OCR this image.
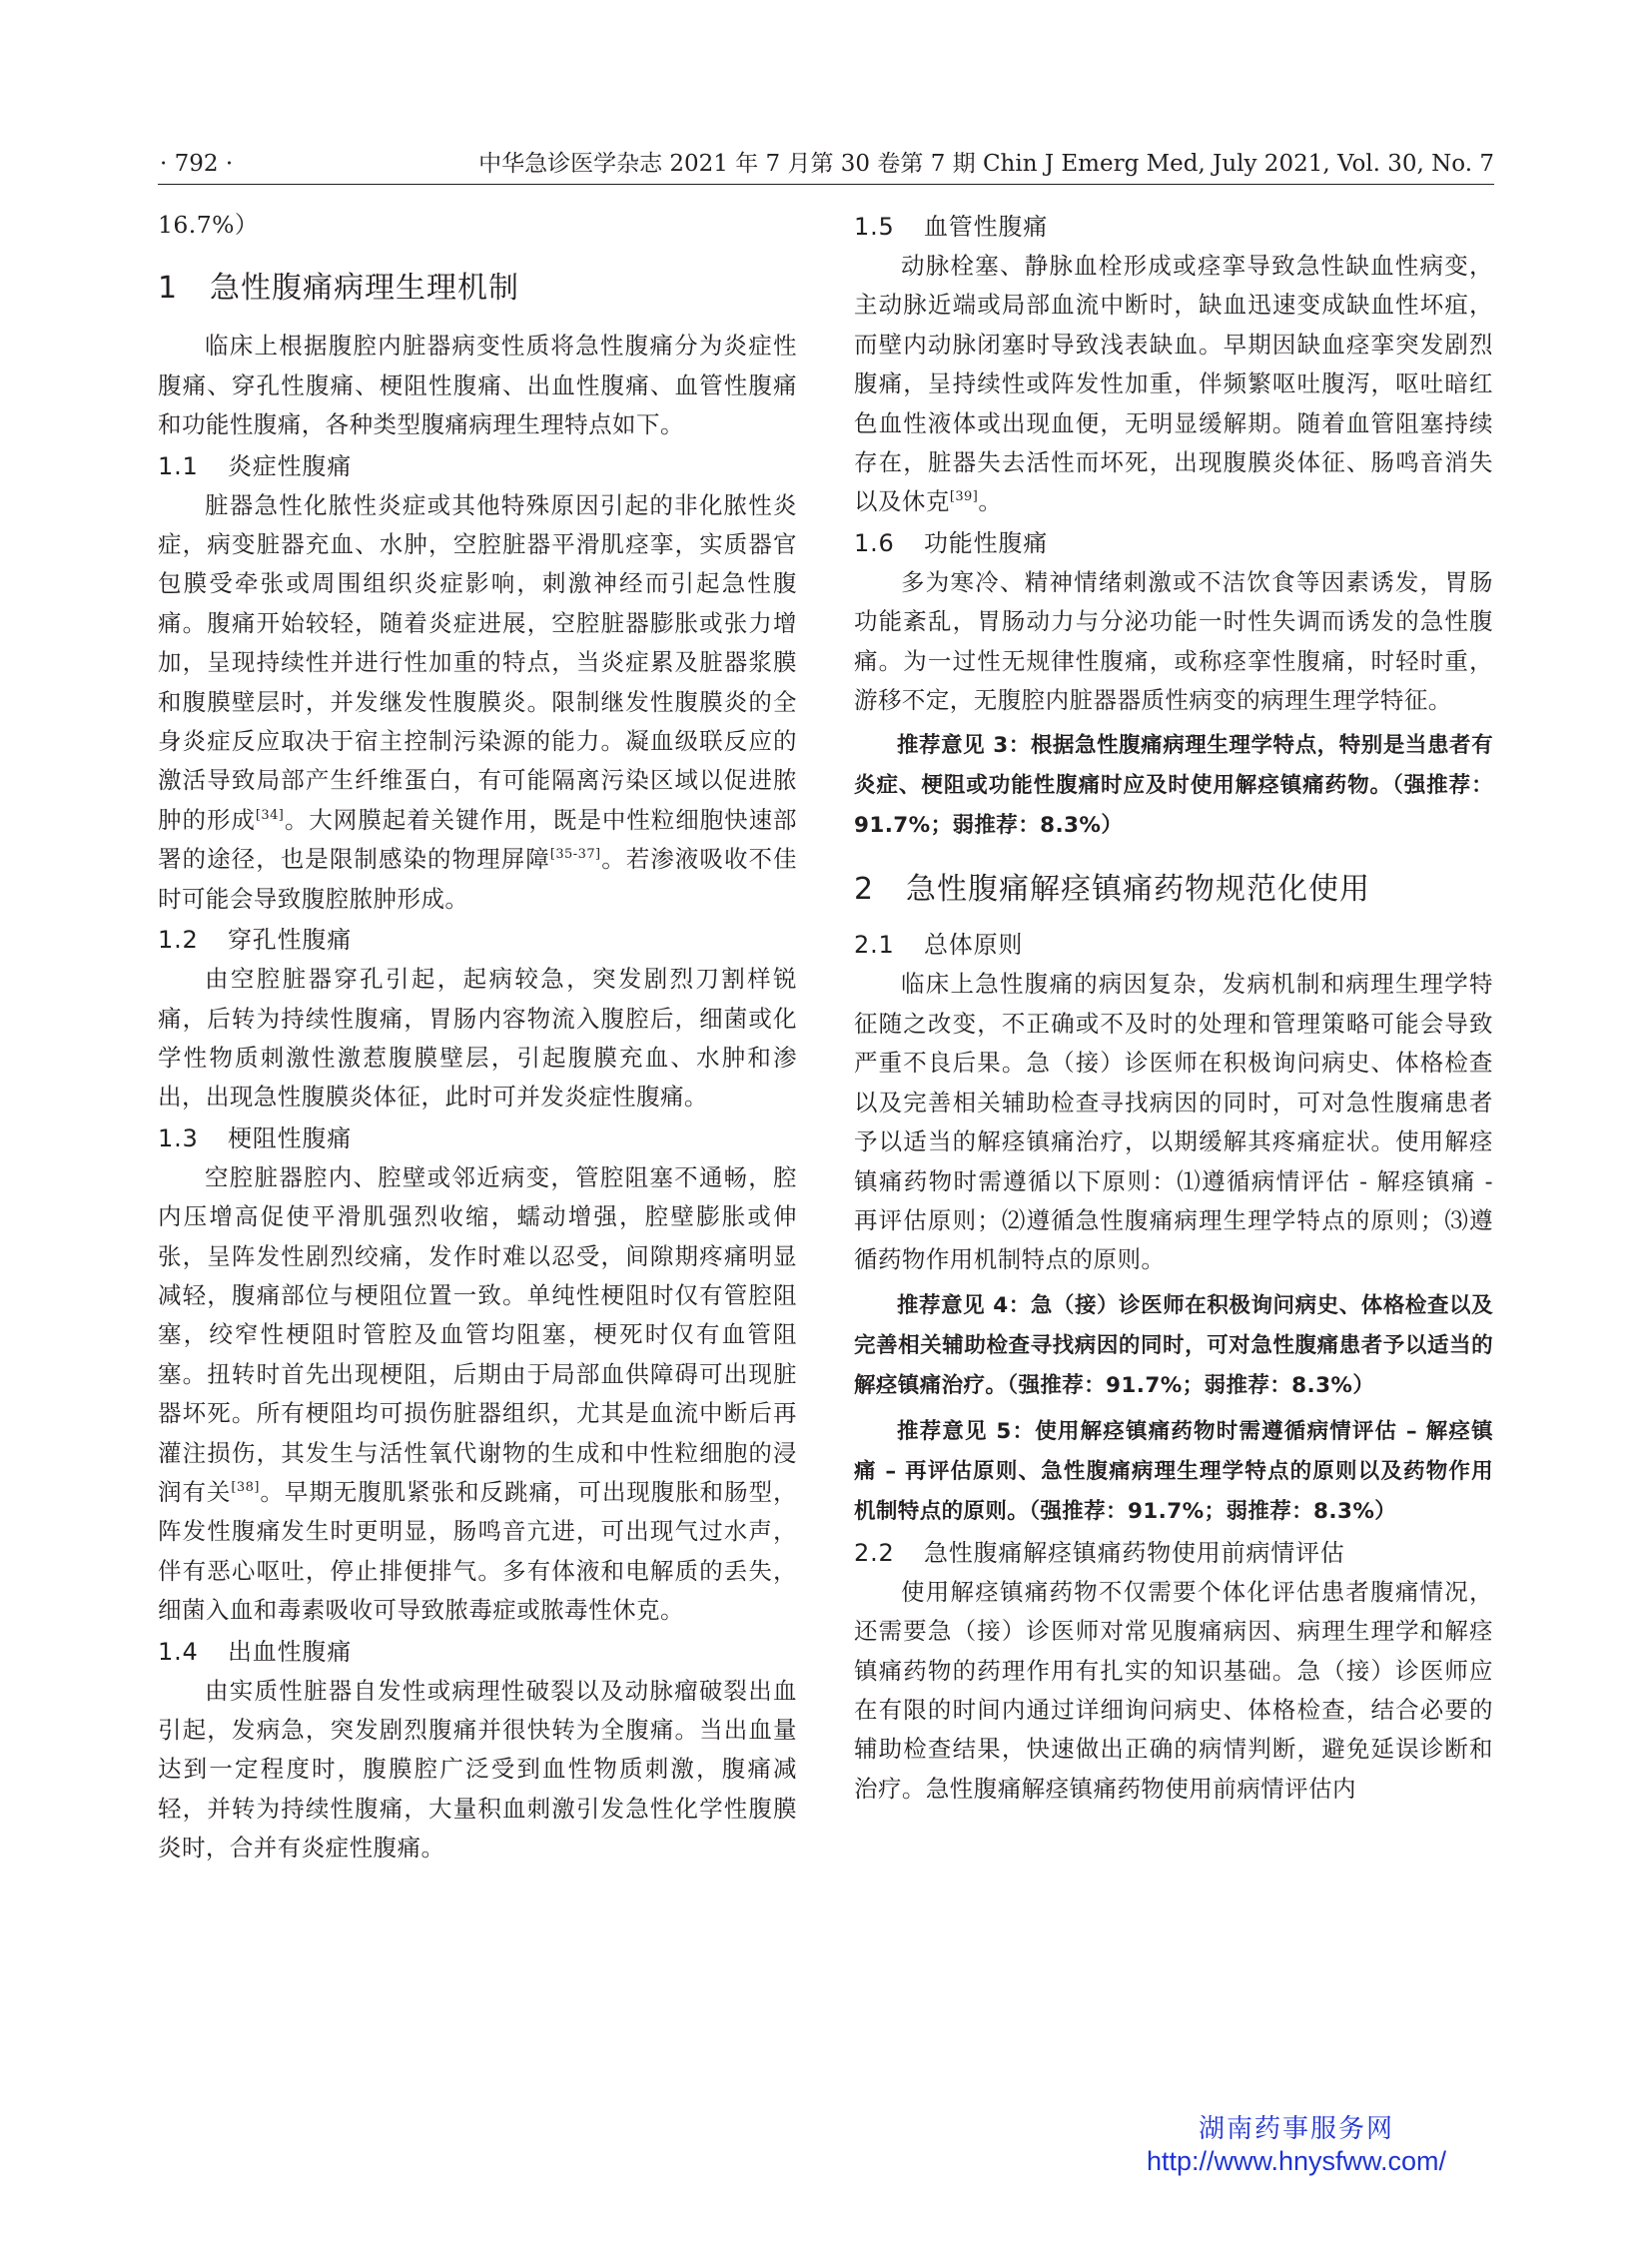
· 792 ·	中华急诊医学杂志 2021 年 7 月第 30 卷第 7 期 Chin J Emerg Med, July 2021, Vol. 30, No. 7

16.7%）

1 急性腹痛病理生理机制

临床上根据腹腔内脏器病变性质将急性腹痛分为炎症性腹痛、穿孔性腹痛、梗阻性腹痛、出血性腹痛、血管性腹痛和功能性腹痛，各种类型腹痛病理生理特点如下。

1.1 炎症性腹痛

脏器急性化脓性炎症或其他特殊原因引起的非化脓性炎症，病变脏器充血、水肿，空腔脏器平滑肌痉挛，实质器官包膜受牵张或周围组织炎症影响，刺激神经而引起急性腹痛。腹痛开始较轻，随着炎症进展，空腔脏器膨胀或张力增加，呈现持续性并进行性加重的特点，当炎症累及脏器浆膜和腹膜壁层时，并发继发性腹膜炎。限制继发性腹膜炎的全身炎症反应取决于宿主控制污染源的能力。凝血级联反应的激活导致局部产生纤维蛋白，有可能隔离污染区域以促进脓肿的形成[34]。大网膜起着关键作用，既是中性粒细胞快速部署的途径，也是限制感染的物理屏障[35-37]。若渗液吸收不佳时可能会导致腹腔脓肿形成。

1.2 穿孔性腹痛

由空腔脏器穿孔引起，起病较急，突发剧烈刀割样锐痛，后转为持续性腹痛，胃肠内容物流入腹腔后，细菌或化学性物质刺激性激惹腹膜壁层，引起腹膜充血、水肿和渗出，出现急性腹膜炎体征，此时可并发炎症性腹痛。

1.3 梗阻性腹痛

空腔脏器腔内、腔壁或邻近病变，管腔阻塞不通畅，腔内压增高促使平滑肌强烈收缩，蠕动增强，腔壁膨胀或伸张，呈阵发性剧烈绞痛，发作时难以忍受，间隙期疼痛明显减轻，腹痛部位与梗阻位置一致。单纯性梗阻时仅有管腔阻塞，绞窄性梗阻时管腔及血管均阻塞，梗死时仅有血管阻塞。扭转时首先出现梗阻，后期由于局部血供障碍可出现脏器坏死。所有梗阻均可损伤脏器组织，尤其是血流中断后再灌注损伤，其发生与活性氧代谢物的生成和中性粒细胞的浸润有关[38]。早期无腹肌紧张和反跳痛，可出现腹胀和肠型，阵发性腹痛发生时更明显，肠鸣音亢进，可出现气过水声，伴有恶心呕吐，停止排便排气。多有体液和电解质的丢失，细菌入血和毒素吸收可导致脓毒症或脓毒性休克。

1.4 出血性腹痛

由实质性脏器自发性或病理性破裂以及动脉瘤破裂出血引起，发病急，突发剧烈腹痛并很快转为全腹痛。当出血量达到一定程度时，腹膜腔广泛受到血性物质刺激，腹痛减轻，并转为持续性腹痛，大量积血刺激引发急性化学性腹膜炎时，合并有炎症性腹痛。

1.5 血管性腹痛

动脉栓塞、静脉血栓形成或痉挛导致急性缺血性病变，主动脉近端或局部血流中断时，缺血迅速变成缺血性坏疽，而壁内动脉闭塞时导致浅表缺血。早期因缺血痉挛突发剧烈腹痛，呈持续性或阵发性加重，伴频繁呕吐腹泻，呕吐暗红色血性液体或出现血便，无明显缓解期。随着血管阻塞持续存在，脏器失去活性而坏死，出现腹膜炎体征、肠鸣音消失以及休克[39]。

1.6 功能性腹痛

多为寒冷、精神情绪刺激或不洁饮食等因素诱发，胃肠功能紊乱，胃肠动力与分泌功能一时性失调而诱发的急性腹痛。为一过性无规律性腹痛，或称痉挛性腹痛，时轻时重，游移不定，无腹腔内脏器器质性病变的病理生理学特征。

推荐意见 3：根据急性腹痛病理生理学特点，特别是当患者有炎症、梗阻或功能性腹痛时应及时使用解痉镇痛药物。（强推荐：91.7%；弱推荐：8.3%）

2 急性腹痛解痉镇痛药物规范化使用
2.1 总体原则

临床上急性腹痛的病因复杂，发病机制和病理生理学特征随之改变，不正确或不及时的处理和管理策略可能会导致严重不良后果。急（接）诊医师在积极询问病史、体格检查以及完善相关辅助检查寻找病因的同时，可对急性腹痛患者予以适当的解痉镇痛治疗，以期缓解其疼痛症状。使用解痉镇痛药物时需遵循以下原则：⑴遵循病情评估 - 解痉镇痛 - 再评估原则；⑵遵循急性腹痛病理生理学特点的原则；⑶遵循药物作用机制特点的原则。

推荐意见 4：急（接）诊医师在积极询问病史、体格检查以及完善相关辅助检查寻找病因的同时，可对急性腹痛患者予以适当的解痉镇痛治疗。（强推荐：91.7%；弱推荐：8.3%）

推荐意见 5：使用解痉镇痛药物时需遵循病情评估 – 解痉镇痛 – 再评估原则、急性腹痛病理生理学特点的原则以及药物作用机制特点的原则。（强推荐：91.7%；弱推荐：8.3%）

2.2 急性腹痛解痉镇痛药物使用前病情评估

使用解痉镇痛药物不仅需要个体化评估患者腹痛情况，还需要急（接）诊医师对常见腹痛病因、病理生理学和解痉镇痛药物的药理作用有扎实的知识基础。急（接）诊医师应在有限的时间内通过详细询问病史、体格检查，结合必要的辅助检查结果，快速做出正确的病情判断，避免延误诊断和治疗。急性腹痛解痉镇痛药物使用前病情评估内

湖南药事服务网
http://www.hnysfww.com/
